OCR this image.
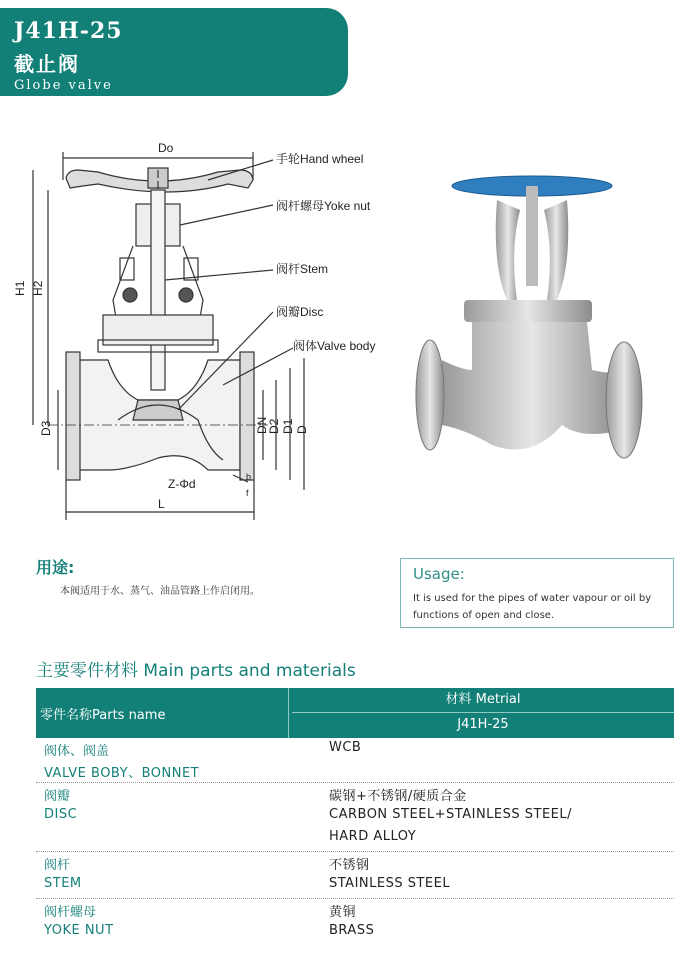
J41H-25
截止阀
Globe valve
Do
手轮Hand wheel
阀杆螺母Yoke nut
阀杆Stem
阀瓣Disc
阀体Valve body
H1 H2
D3	DN
D2 D1 D
Z-Φd
L
f
b
用途:
本阀适用于水、蒸气、油品管路上作启闭用。
Usage:
It is used for the pipes of water vapour or oil by functions of open and close.
主要零件材料 Main parts and materials
零件名称Parts name
材料 Metrial
J41H-25
阀体、阀盖
VALVE BOBY、BONNET
WCB
阀瓣
DISC
碳钢+不锈钢/硬质合金
CARBON STEEL+STAINLESS STEEL/
HARD ALLOY
阀杆
STEM
不锈钢
STAINLESS STEEL
阀杆螺母
YOKE NUT
黄铜
BRASS
